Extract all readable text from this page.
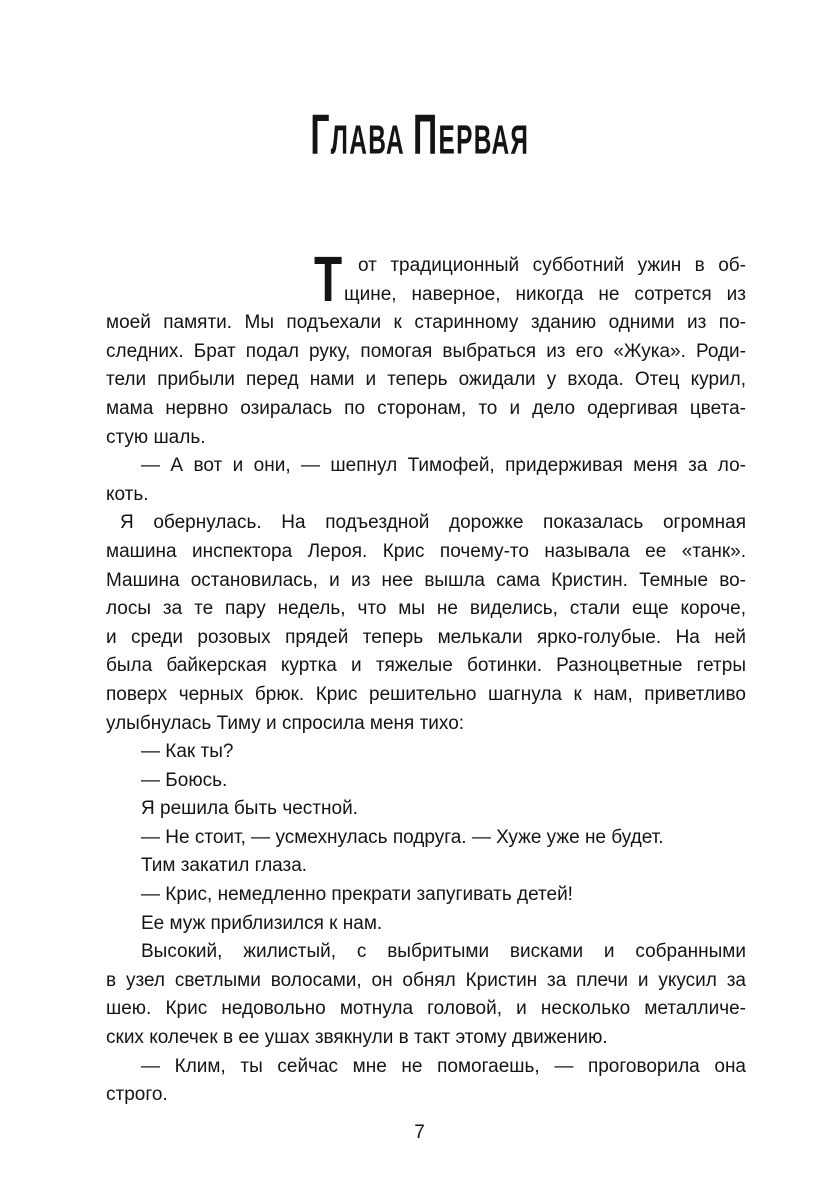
ГЛАВА ПЕРВАЯ
Т от традиционный субботний ужин в об-
щине, наверное, никогда не сотрется из
моей памяти. Мы подъехали к старинному зданию одними из по-
следних. Брат подал руку, помогая выбраться из его «Жука». Роди-
тели прибыли перед нами и теперь ожидали у входа. Отец курил,
мама нервно озиралась по сторонам, то и дело одергивая цвета-
стую шаль.
— А вот и они, — шепнул Тимофей, придерживая меня за ло-
коть.
Я обернулась. На подъездной дорожке показалась огромная
машина инспектора Лероя. Крис почему-то называла ее «танк».
Машина остановилась, и из нее вышла сама Кристин. Темные во-
лосы за те пару недель, что мы не виделись, стали еще короче,
и среди розовых прядей теперь мелькали ярко-голубые. На ней
была байкерская куртка и тяжелые ботинки. Разноцветные гетры
поверх черных брюк. Крис решительно шагнула к нам, приветливо
улыбнулась Тиму и спросила меня тихо:
— Как ты?
— Боюсь.
Я решила быть честной.
— Не стоит, — усмехнулась подруга. — Хуже уже не будет.
Тим закатил глаза.
— Крис, немедленно прекрати запугивать детей!
Ее муж приблизился к нам.
Высокий, жилистый, с выбритыми висками и собранными
в узел светлыми волосами, он обнял Кристин за плечи и укусил за
шею. Крис недовольно мотнула головой, и несколько металличе-
ских колечек в ее ушах звякнули в такт этому движению.
— Клим, ты сейчас мне не помогаешь, — проговорила она
строго.
7
